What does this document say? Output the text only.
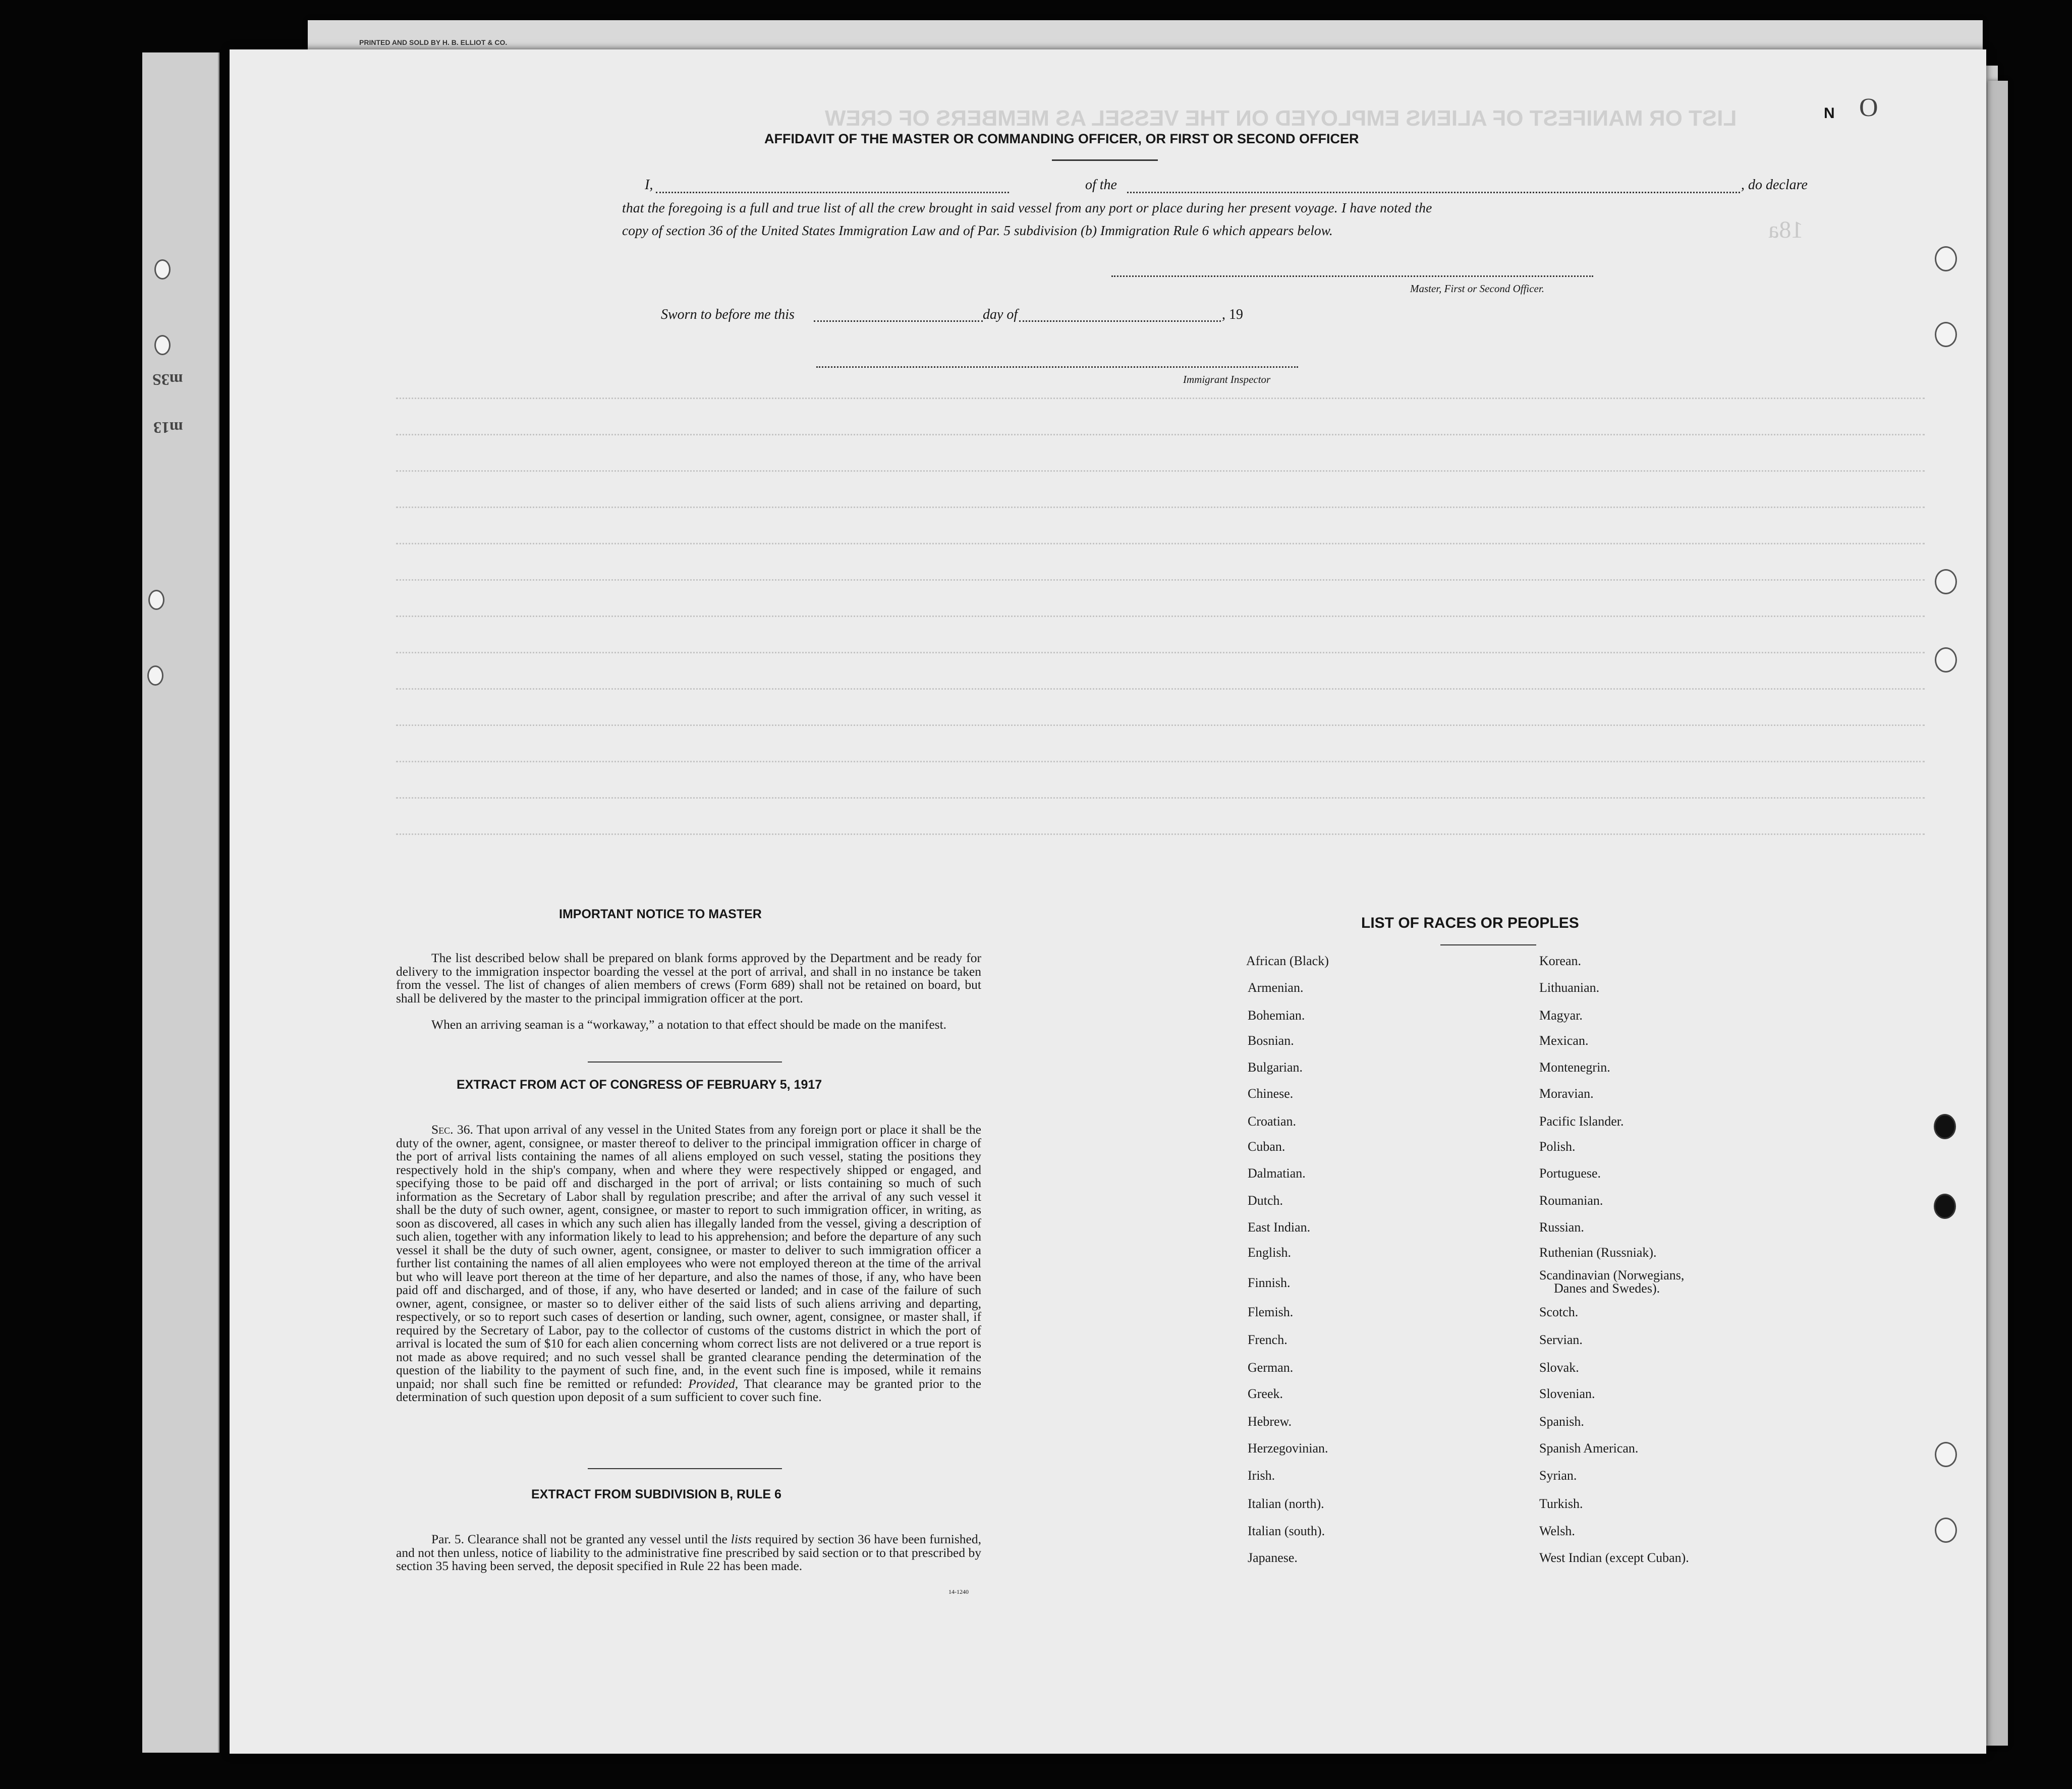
PRINTED AND SOLD BY H. B. ELLIOT & CO.
m3S
m13
LIST OR MANIFEST OF ALIENS EMPLOYED ON THE VESSEL AS MEMBERS OF CREW
18a
N O
AFFIDAVIT OF THE MASTER OR COMMANDING OFFICER, OR FIRST OR SECOND OFFICER
I,	of the	, do declare
that the foregoing is a full and true list of all the crew brought in said vessel from any port or place during her present voyage. I have noted the
copy of section 36 of the United States Immigration Law and of Par. 5 subdivision (b) Immigration Rule 6 which appears below.
Master, First or Second Officer.
Sworn to before me this	day of	, 19
Immigrant Inspector
IMPORTANT NOTICE TO MASTER
The list described below shall be prepared on blank forms approved by the Department and be ready for delivery to the immigration inspector boarding the vessel at the port of arrival, and shall in no instance be taken from the vessel. The list of changes of alien members of crews (Form 689) shall not be retained on board, but shall be delivered by the master to the principal immigration officer at the port.
When an arriving seaman is a “workaway,” a notation to that effect should be made on the manifest.
EXTRACT FROM ACT OF CONGRESS OF FEBRUARY 5, 1917
Sec. 36. That upon arrival of any vessel in the United States from any foreign port or place it shall be the duty of the owner, agent, consignee, or master thereof to deliver to the principal immigration officer in charge of the port of arrival lists containing the names of all aliens employed on such vessel, stating the positions they respectively hold in the ship's company, when and where they were respectively shipped or engaged, and specifying those to be paid off and discharged in the port of arrival; or lists containing so much of such information as the Secretary of Labor shall by regulation prescribe; and after the arrival of any such vessel it shall be the duty of such owner, agent, consignee, or master to report to such immigration officer, in writing, as soon as discovered, all cases in which any such alien has illegally landed from the vessel, giving a description of such alien, together with any information likely to lead to his apprehension; and before the departure of any such vessel it shall be the duty of such owner, agent, consignee, or master to deliver to such immigration officer a further list containing the names of all alien employees who were not employed thereon at the time of the arrival but who will leave port thereon at the time of her departure, and also the names of those, if any, who have been paid off and discharged, and of those, if any, who have deserted or landed; and in case of the failure of such owner, agent, consignee, or master so to deliver either of the said lists of such aliens arriving and departing, respectively, or so to report such cases of desertion or landing, such owner, agent, consignee, or master shall, if required by the Secretary of Labor, pay to the collector of customs of the customs district in which the port of arrival is located the sum of $10 for each alien concerning whom correct lists are not delivered or a true report is not made as above required; and no such vessel shall be granted clearance pending the determination of the question of the liability to the payment of such fine, and, in the event such fine is imposed, while it remains unpaid; nor shall such fine be remitted or refunded: Provided, That clearance may be granted prior to the determination of such question upon deposit of a sum sufficient to cover such fine.
EXTRACT FROM SUBDIVISION B, RULE 6
Par. 5. Clearance shall not be granted any vessel until the lists required by section 36 have been furnished, and not then unless, notice of liability to the administrative fine prescribed by said section or to that prescribed by section 35 having been served, the deposit specified in Rule 22 has been made.
14-1240
LIST OF RACES OR PEOPLES
African (Black)
Armenian.
Bohemian.
Bosnian.
Bulgarian.
Chinese.
Croatian.
Cuban.
Dalmatian.
Dutch.
East Indian.
English.
Finnish.
Flemish.
French.
German.
Greek.
Hebrew.
Herzegovinian.
Irish.
Italian (north).
Italian (south).
Japanese.
Korean.
Lithuanian.
Magyar.
Mexican.
Montenegrin.
Moravian.
Pacific Islander.
Polish.
Portuguese.
Roumanian.
Russian.
Ruthenian (Russniak).
Scandinavian (Norwegians,
Danes and Swedes).
Scotch.
Servian.
Slovak.
Slovenian.
Spanish.
Spanish American.
Syrian.
Turkish.
Welsh.
West Indian (except Cuban).
